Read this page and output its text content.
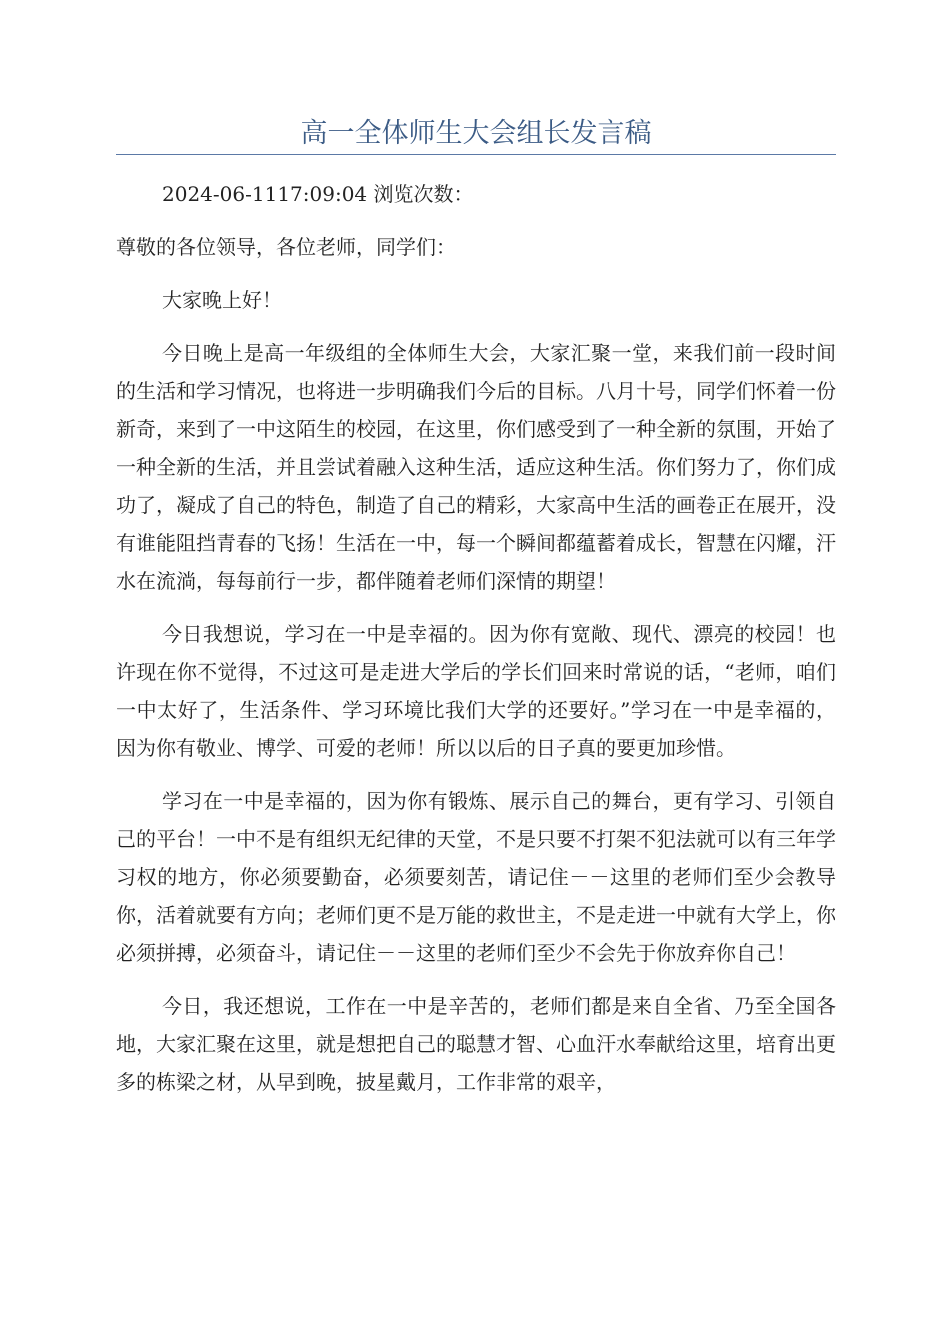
高一全体师生大会组长发言稿

2024-06-1117:09:04 浏览次数：

尊敬的各位领导，各位老师，同学们：

大家晚上好！

今日晚上是高一年级组的全体师生大会，大家汇聚一堂，来我们前一段时间的生活和学习情况，也将进一步明确我们今后的目标。八月十号，同学们怀着一份新奇，来到了一中这陌生的校园，在这里，你们感受到了一种全新的氛围，开始了一种全新的生活，并且尝试着融入这种生活，适应这种生活。你们努力了，你们成功了，凝成了自己的特色，制造了自己的精彩，大家高中生活的画卷正在展开，没有谁能阻挡青春的飞扬！生活在一中，每一个瞬间都蕴蓄着成长，智慧在闪耀，汗水在流淌，每每前行一步，都伴随着老师们深情的期望！

今日我想说，学习在一中是幸福的。因为你有宽敞、现代、漂亮的校园！也许现在你不觉得，不过这可是走进大学后的学长们回来时常说的话，“老师，咱们一中太好了，生活条件、学习环境比我们大学的还要好。”学习在一中是幸福的，因为你有敬业、博学、可爱的老师！所以以后的日子真的要更加珍惜。

学习在一中是幸福的，因为你有锻炼、展示自己的舞台，更有学习、引领自己的平台！一中不是有组织无纪律的天堂，不是只要不打架不犯法就可以有三年学习权的地方，你必须要勤奋，必须要刻苦，请记住－－这里的老师们至少会教导你，活着就要有方向；老师们更不是万能的救世主，不是走进一中就有大学上，你必须拼搏，必须奋斗，请记住－－这里的老师们至少不会先于你放弃你自己！

今日，我还想说，工作在一中是辛苦的，老师们都是来自全省、乃至全国各地，大家汇聚在这里，就是想把自己的聪慧才智、心血汗水奉献给这里，培育出更多的栋梁之材，从早到晚，披星戴月，工作非常的艰辛，
